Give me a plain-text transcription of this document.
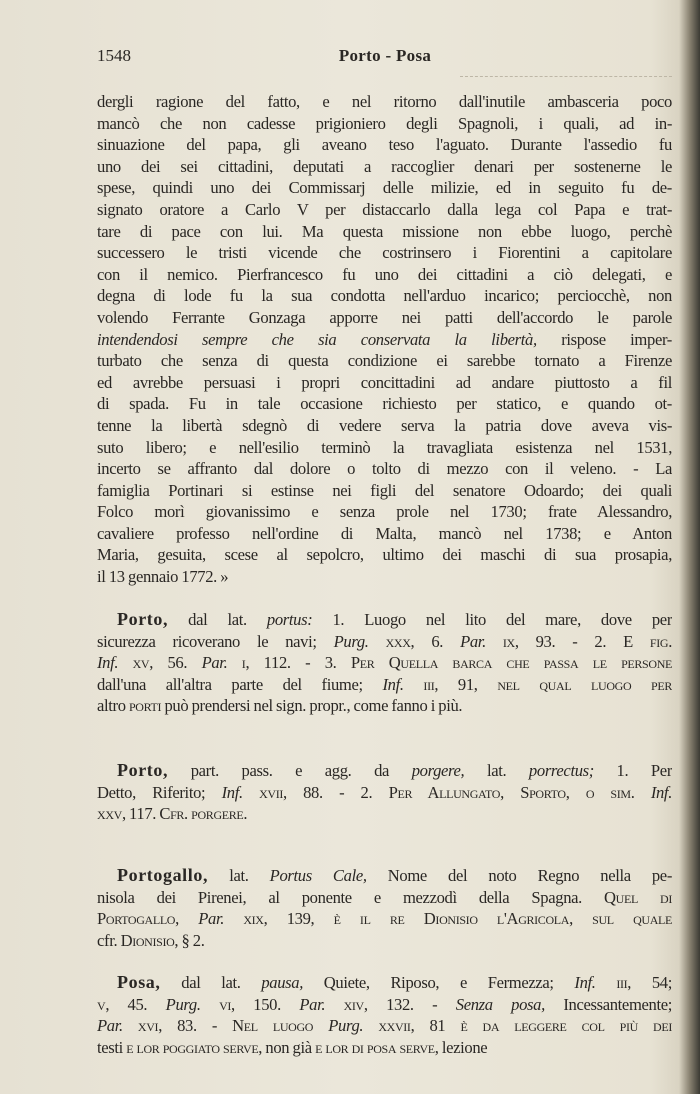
1548	Porto - Posa
dergli ragione del fatto, e nel ritorno dall'inutile ambasceria poco
mancò che non cadesse prigioniero degli Spagnoli, i quali, ad in-
sinuazione del papa, gli aveano teso l'aguato. Durante l'assedio fu
uno dei sei cittadini, deputati a raccoglier denari per sostenerne le
spese, quindi uno dei Commissarj delle milizie, ed in seguito fu de-
signato oratore a Carlo V per distaccarlo dalla lega col Papa e trat-
tare di pace con lui. Ma questa missione non ebbe luogo, perchè
successero le tristi vicende che costrinsero i Fiorentini a capitolare
con il nemico. Pierfrancesco fu uno dei cittadini a ciò delegati, e
degna di lode fu la sua condotta nell'arduo incarico; perciocchè, non
volendo Ferrante Gonzaga apporre nei patti dell'accordo le parole
intendendosi sempre che sia conservata la libertà, rispose imper-
turbato che senza di questa condizione ei sarebbe tornato a Firenze
ed avrebbe persuasi i propri concittadini ad andare piuttosto a fil
di spada. Fu in tale occasione richiesto per statico, e quando ot-
tenne la libertà sdegnò di vedere serva la patria dove aveva vis-
suto libero; e nell'esilio terminò la travagliata esistenza nel 1531,
incerto se affranto dal dolore o tolto di mezzo con il veleno. - La
famiglia Portinari si estinse nei figli del senatore Odoardo; dei quali
Folco morì giovanissimo e senza prole nel 1730; frate Alessandro,
cavaliere professo nell'ordine di Malta, mancò nel 1738; e Anton
Maria, gesuita, scese al sepolcro, ultimo dei maschi di sua prosapia,
il 13 gennaio 1772. »
Porto, dal lat. portus: 1. Luogo nel lito del mare, dove per
sicurezza ricoverano le navi; Purg. xxx, 6. Par. ix, 93. - 2. E fig.
Inf. xv, 56. Par. i, 112. - 3. Per Quella barca che passa le persone
dall'una all'altra parte del fiume; Inf. iii, 91, nel qual luogo per
altro porti può prendersi nel sign. propr., come fanno i più.
Porto, part. pass. e agg. da porgere, lat. porrectus; 1. Per
Detto, Riferito; Inf. xvii, 88. - 2. Per Allungato, Sporto, o sim. Inf.
xxv, 117. Cfr. porgere.
Portogallo, lat. Portus Cale, Nome del noto Regno nella pe-
nisola dei Pirenei, al ponente e mezzodì della Spagna. Quel di
Portogallo, Par. xix, 139, è il re Dionisio l'Agricola, sul quale
cfr. Dionisio, § 2.
Posa, dal lat. pausa, Quiete, Riposo, e Fermezza; Inf. iii, 54;
v, 45. Purg. vi, 150. Par. xiv, 132. - Senza posa, Incessantemente;
Par. xvi, 83. - Nel luogo Purg. xxvii, 81 è da leggere col più dei
testi e lor poggiato serve, non già e lor di posa serve, lezione
